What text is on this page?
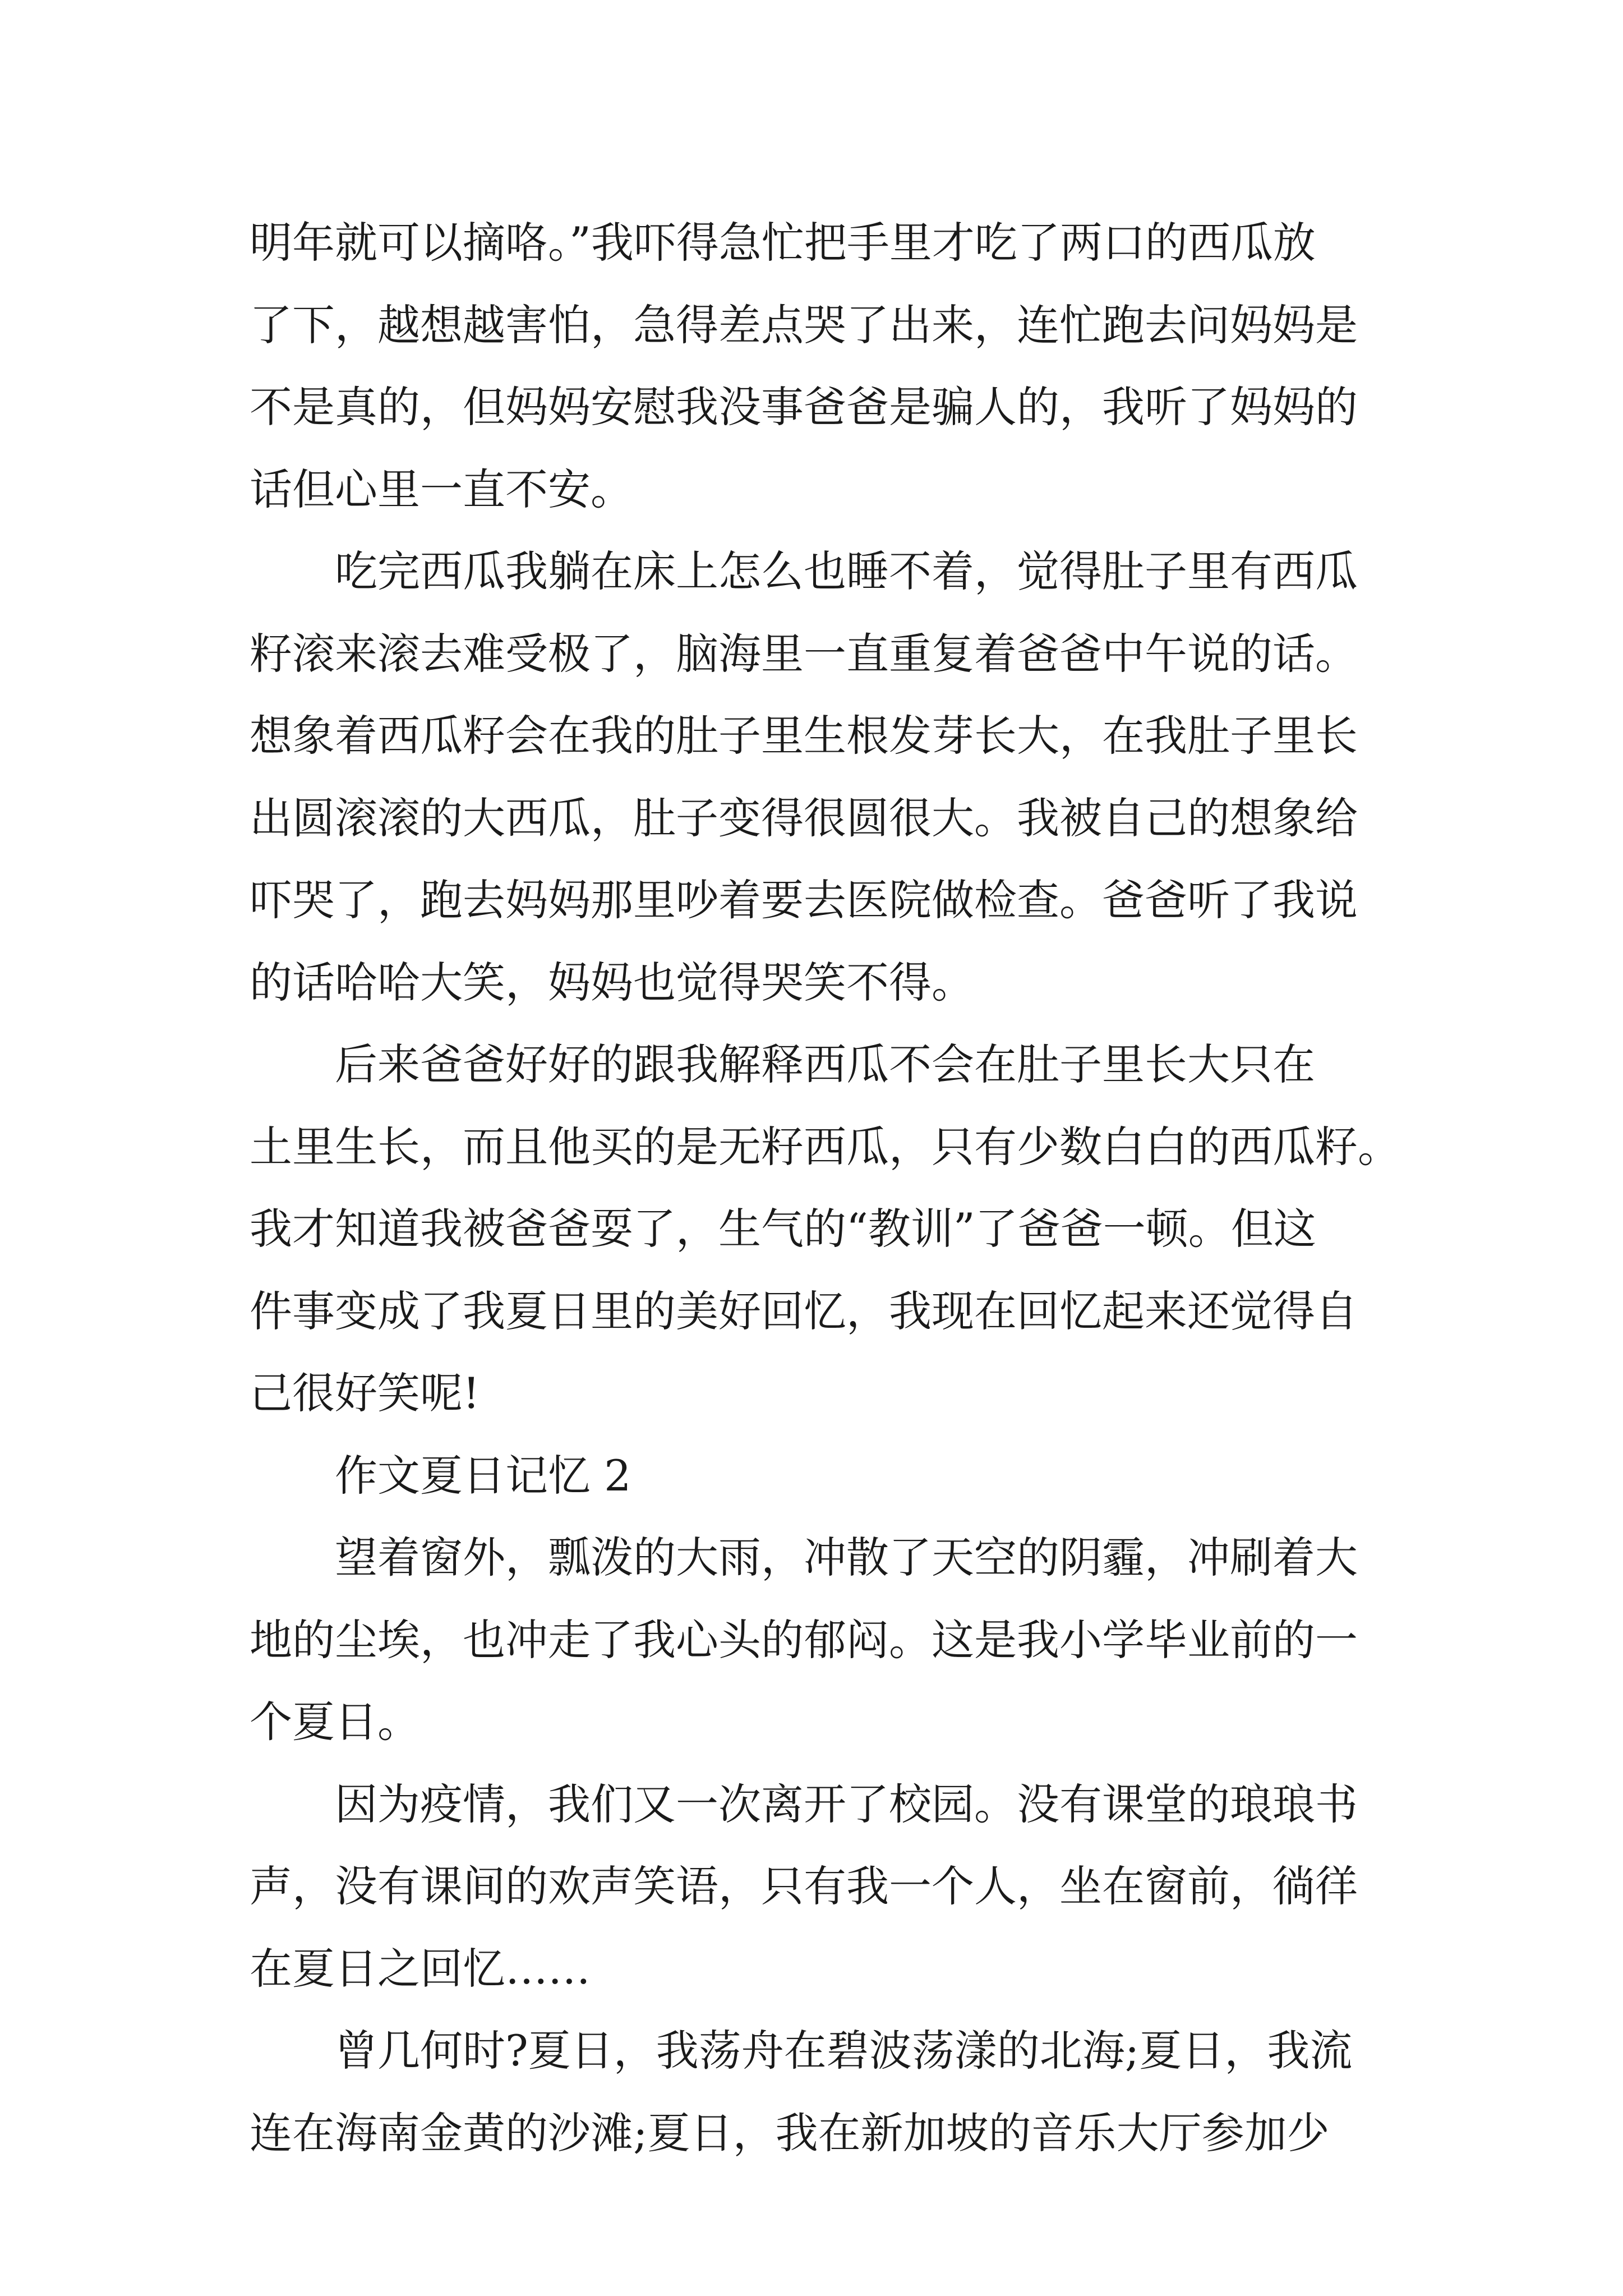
明年就可以摘咯。”我吓得急忙把手里才吃了两口的西瓜放
了下，越想越害怕，急得差点哭了出来，连忙跑去问妈妈是
不是真的，但妈妈安慰我没事爸爸是骗人的，我听了妈妈的
话但心里一直不安。
　　吃完西瓜我躺在床上怎么也睡不着，觉得肚子里有西瓜
籽滚来滚去难受极了，脑海里一直重复着爸爸中午说的话。
想象着西瓜籽会在我的肚子里生根发芽长大，在我肚子里长
出圆滚滚的大西瓜，肚子变得很圆很大。我被自己的想象给
吓哭了，跑去妈妈那里吵着要去医院做检查。爸爸听了我说
的话哈哈大笑，妈妈也觉得哭笑不得。
　　后来爸爸好好的跟我解释西瓜不会在肚子里长大只在
土里生长，而且他买的是无籽西瓜，只有少数白白的西瓜籽。
我才知道我被爸爸耍了，生气的“教训”了爸爸一顿。但这
件事变成了我夏日里的美好回忆，我现在回忆起来还觉得自
己很好笑呢!
　　作文夏日记忆 2
　　望着窗外，瓢泼的大雨，冲散了天空的阴霾，冲刷着大
地的尘埃，也冲走了我心头的郁闷。这是我小学毕业前的一
个夏日。
　　因为疫情，我们又一次离开了校园。没有课堂的琅琅书
声，没有课间的欢声笑语，只有我一个人，坐在窗前，徜徉
在夏日之回忆……
　　曾几何时?夏日，我荡舟在碧波荡漾的北海;夏日，我流
连在海南金黄的沙滩;夏日，我在新加坡的音乐大厅参加少
